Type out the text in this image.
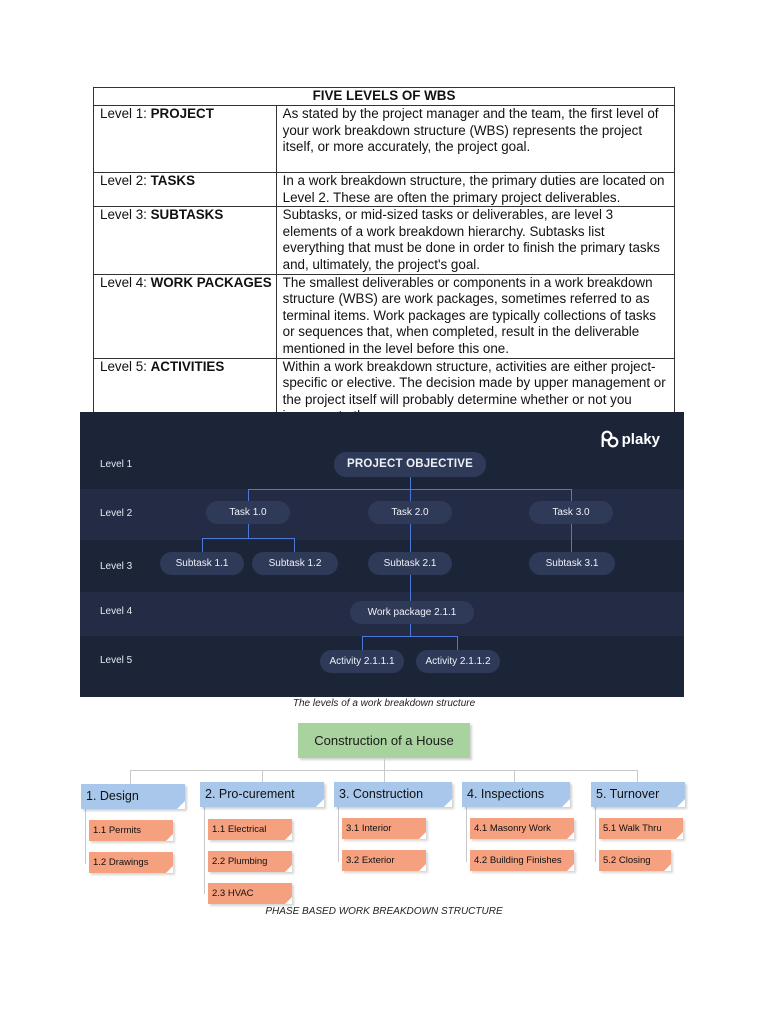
FIVE LEVELS OF WBS	
Level 1: PROJECT	As stated by the project manager and the team, the first level of your work breakdown structure (WBS) represents the project itself, or more accurately, the project goal.
Level 2: TASKS	In a work breakdown structure, the primary duties are located on Level 2. These are often the primary project deliverables.
Level 3: SUBTASKS	Subtasks, or mid-sized tasks or deliverables, are level 3 elements of a work breakdown hierarchy. Subtasks list everything that must be done in order to finish the primary tasks and, ultimately, the project's goal.
Level 4: WORK PACKAGES	The smallest deliverables or components in a work breakdown structure (WBS) are work packages, sometimes referred to as terminal items. Work packages are typically collections of tasks or sequences that, when completed, result in the deliverable mentioned in the level before this one.
Level 5: ACTIVITIES	Within a work breakdown structure, activities are either project-specific or elective. The decision made by upper management or the project itself will probably determine whether or not you
plaky
Level 1
Level 2
Level 3
Level 4
Level 5
PROJECT OBJECTIVE
Task 1.0	Task 2.0	Task 3.0
Subtask 1.1	Subtask 1.2	Subtask 2.1	Subtask 3.1
Work package 2.1.1
Activity 2.1.1.1	Activity 2.1.1.2
The levels of a work breakdown structure
Construction of a House
1. Design	2. Pro-curement	3. Construction	4. Inspections	5. Turnover
1.1 Permits
1.2 Drawings
1.1 Electrical
2.2 Plumbing
2.3 HVAC
3.1 Interior
3.2 Exterior
4.1 Masonry Work
4.2 Building Finishes
5.1 Walk Thru
5.2 Closing
PHASE BASED WORK BREAKDOWN STRUCTURE
